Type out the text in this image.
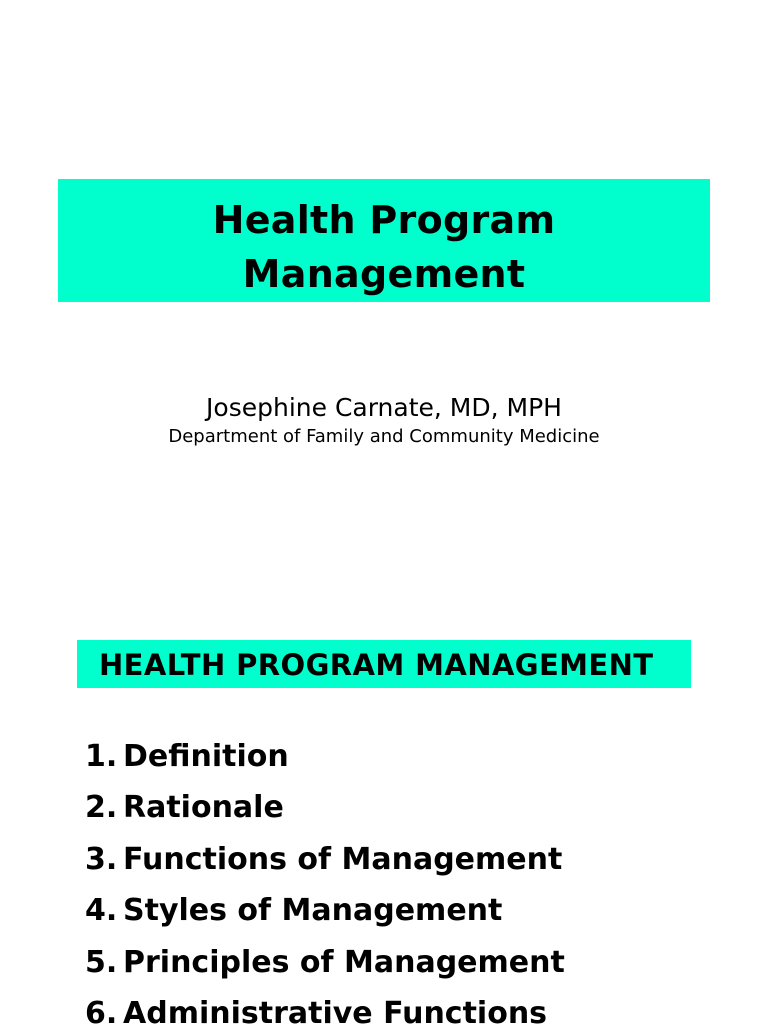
Health Program
Management
Josephine Carnate, MD, MPH
Department of Family and Community Medicine
HEALTH PROGRAM MANAGEMENT
1. Definition
2. Rationale
3. Functions of Management
4. Styles of Management
5. Principles of Management
6. Administrative Functions
